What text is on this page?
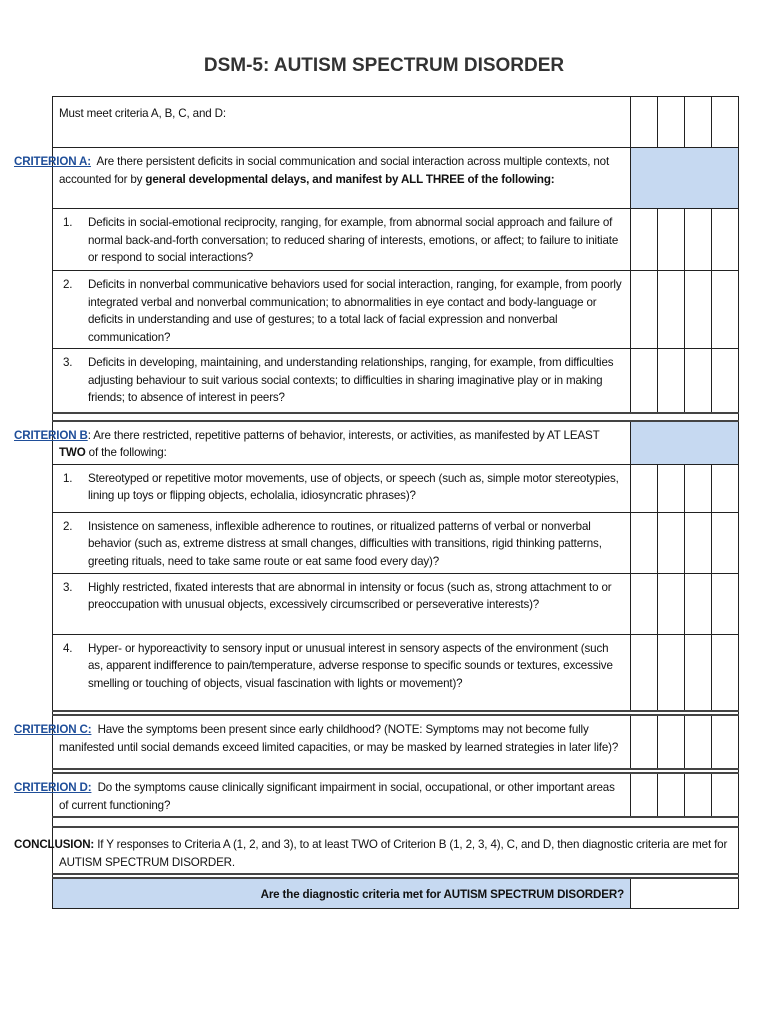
DSM-5: AUTISM SPECTRUM DISORDER
Must meet criteria A, B, C, and D:				
CRITERION A: Are there persistent deficits in social communication and social interaction across multiple contexts, not accounted for by general developmental delays, and manifest by ALL THREE of the following:				

1. Deficits in social-emotional reciprocity, ranging, for example, from abnormal social approach and failure of normal back-and-forth conversation; to reduced sharing of interests, emotions, or affect; to failure to initiate or respond to social interactions?				

2. Deficits in nonverbal communicative behaviors used for social interaction, ranging, for example, from poorly integrated verbal and nonverbal communication; to abnormalities in eye contact and body-language or deficits in understanding and use of gestures; to a total lack of facial expression and nonverbal communication?				

3. Deficits in developing, maintaining, and understanding relationships, ranging, for example, from difficulties adjusting behaviour to suit various social contexts; to difficulties in sharing imaginative play or in making friends; to absence of interest in peers?				

CRITERION B: Are there restricted, repetitive patterns of behavior, interests, or activities, as manifested by AT LEAST TWO of the following:				

1. Stereotyped or repetitive motor movements, use of objects, or speech (such as, simple motor stereotypies, lining up toys or flipping objects, echolalia, idiosyncratic phrases)?				

2. Insistence on sameness, inflexible adherence to routines, or ritualized patterns of verbal or nonverbal behavior (such as, extreme distress at small changes, difficulties with transitions, rigid thinking patterns, greeting rituals, need to take same route or eat same food every day)?				

3. Highly restricted, fixated interests that are abnormal in intensity or focus (such as, strong attachment to or preoccupation with unusual objects, excessively circumscribed or perseverative interests)?				

4. Hyper- or hyporeactivity to sensory input or unusual interest in sensory aspects of the environment (such as, apparent indifference to pain/temperature, adverse response to specific sounds or textures, excessive smelling or touching of objects, visual fascination with lights or movement)?				

CRITERION C: Have the symptoms been present since early childhood? (NOTE: Symptoms may not become fully manifested until social demands exceed limited capacities, or may be masked by learned strategies in later life)?				

CRITERION D: Do the symptoms cause clinically significant impairment in social, occupational, or other important areas of current functioning?				

CONCLUSION: If Y responses to Criteria A (1, 2, and 3), to at least TWO of Criterion B (1, 2, 3, 4), C, and D, then diagnostic criteria are met for AUTISM SPECTRUM DISORDER.				

Are the diagnostic criteria met for AUTISM SPECTRUM DISORDER?				
